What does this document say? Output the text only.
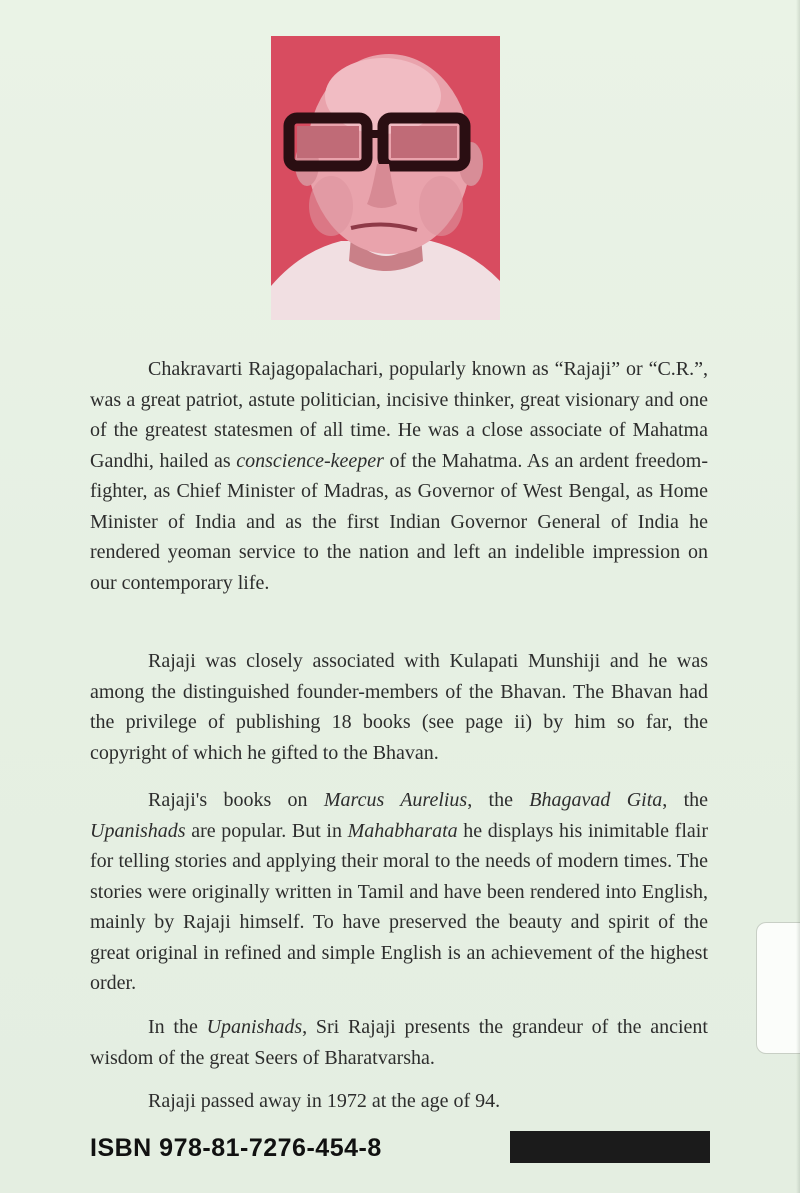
Chakravarti Rajagopalachari, popularly known as “Rajaji” or “C.R.”, was a great patriot, astute politician, incisive thinker, great visionary and one of the greatest statesmen of all time. He was a close associate of Mahatma Gandhi, hailed as conscience-keeper of the Mahatma. As an ardent freedom-fighter, as Chief Minister of Madras, as Governor of West Bengal, as Home Minister of India and as the first Indian Governor General of India he rendered yeoman service to the nation and left an indelible impression on our contemporary life.

Rajaji was closely associated with Kulapati Munshiji and he was among the distinguished founder-members of the Bhavan. The Bhavan had the privilege of publishing 18 books (see page ii) by him so far, the copyright of which he gifted to the Bhavan.

Rajaji's books on Marcus Aurelius, the Bhagavad Gita, the Upanishads are popular. But in Mahabharata he displays his inimitable flair for telling stories and applying their moral to the needs of modern times. The stories were originally written in Tamil and have been rendered into English, mainly by Rajaji himself. To have preserved the beauty and spirit of the great original in refined and simple English is an achievement of the highest order.

In the Upanishads, Sri Rajaji presents the grandeur of the ancient wisdom of the great Seers of Bharatvarsha.

Rajaji passed away in 1972 at the age of 94.

ISBN 978-81-7276-454-8
